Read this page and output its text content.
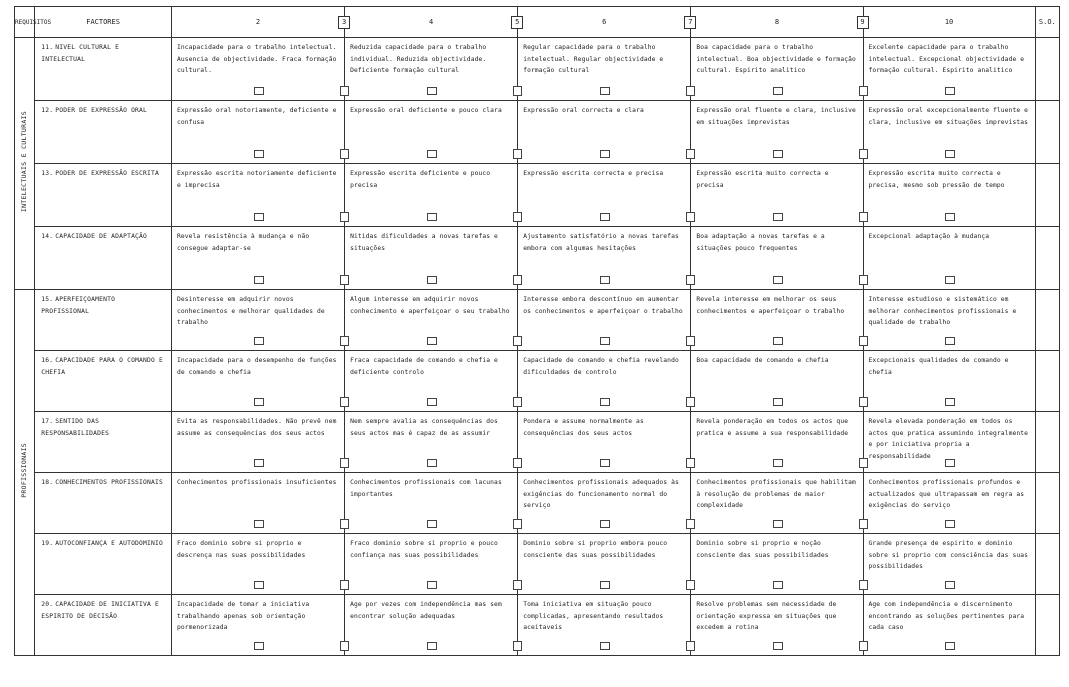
REQUISITOS	FACTORES	2 3	4 5	6 7	8 9	10	S.O.
INTELECTUAIS E CULTURAIS	11. NIVEL CULTURAL E INTELECTUAL	Incapacidade para o trabalho intelectual. Ausencia de objectividade. Fraca formação cultural.	Reduzida capacidade para o trabalho individual. Reduzida objectividade. Deficiente formação cultural	Regular capacidade para o trabalho intelectual. Regular objectividade e formação cultural	Boa capacidade para o trabalho intelectual. Boa objectividade e formação cultural. Espirito analitico	Excelente capacidade para o trabalho intelectual. Excepcional objectividade e formação cultural. Espirito analitico	

	12. PODER DE EXPRESSÃO ORAL	Expressão oral notoriamente, deficiente e confusa	Expressão oral deficiente e pouco clara	Expressão oral correcta e clara	Expressão oral fluente e clara, inclusive em situações imprevistas	Expressão oral excepcionalmente fluente e clara, inclusive em situações imprevistas	

	13. PODER DE EXPRESSÃO ESCRITA	Expressão escrita notoriamente deficiente e imprecisa	Expressão escrita deficiente e pouco precisa	Expressão escrita correcta e precisa	Expressão escrita muito correcta e precisa	Expressão escrita muito correcta e precisa, mesmo sob pressão de tempo	

	14. CAPACIDADE DE ADAPTAÇÃO	Revela resistência à mudança e não consegue adaptar-se	Nitidas dificuldades a novas tarefas e situações	Ajustamento satisfatório a novas tarefas embora com algumas hesitações	Boa adaptação a novas tarefas e a situações pouco frequentes	Excepcional adaptação à mudança	

PROFISSIONAIS	15. APERFEIÇOAMENTO PROFISSIONAL	Desinteresse em adquirir novos conhecimentos e melhorar qualidades de trabalho	Algum interesse em adquirir novos conhecimento e aperfeiçoar o seu trabalho	Interesse embora descontínuo em aumentar os conhecimentos e aperfeiçoar o trabalho	Revela interesse em melhorar os seus conhecimentos e aperfeiçoar o trabalho	Interesse estudioso e sistemático em melhorar conhecimentos profissionais e qualidade de trabalho	

	16. CAPACIDADE PARA O COMANDO E CHEFIA	Incapacidade para o desempenho de funções de comando e chefia	Fraca capacidade de comando e chefia e deficiente controlo	Capacidade de comando e chefia revelando dificuldades de controlo	Boa capacidade de comando e chefia	Excepcionais qualidades de comando e chefia	

	17. SENTIDO DAS RESPONSABILIDADES	Evita as responsabilidades. Não prevê nem assume as consequências dos seus actos	Nem sempre avalia as consequências dos seus actos mas é capaz de as assumir	Pondera e assume normalmente as consequências dos seus actos	Revela ponderação em todos os actos que pratica e assume a sua responsabilidade	Revela elevada ponderação em todos os actos que pratica assumindo integralmente e por iniciativa propria a responsabilidade	

	18. CONHECIMENTOS PROFISSIONAIS	Conhecimentos profissionais insuficientes	Conhecimentos profissionais com lacunas importantes	Conhecimentos profissionais adequados às exigências do funcionamento normal do serviço	Conhecimentos profissionais que habilitam à resolução de problemas de maior complexidade	Conhecimentos profissionais profundos e actualizados que ultrapassam em regra as exigências do serviço	

	19. AUTOCONFIANÇA E AUTODOMINIO	Fraco dominio sobre si proprio e descrença nas suas possibilidades	Fraco dominio sobre si proprio e pouco confiança nas suas possibilidades	Dominio sobre si proprio embora pouco consciente das suas possibilidades	Dominio sobre si proprio e noção consciente das suas possibilidades	Grande presença de espirito e dominio sobre si proprio com consciência das suas possibilidades	

	20. CAPACIDADE DE INICIATIVA E ESPIRITO DE DECISÃO	Incapacidade de tomar a iniciativa trabalhando apenas sob orientação pormenorizada	Age por vezes com independência mas sem encontrar solução adequadas	Toma iniciativa em situação pouco complicadas, apresentando resultados aceitaveis	Resolve problemas sem necessidade de orientação expressa em situações que excedem a rotina	Age com independência e discernimento encontrando as soluções pertinentes para cada caso	
